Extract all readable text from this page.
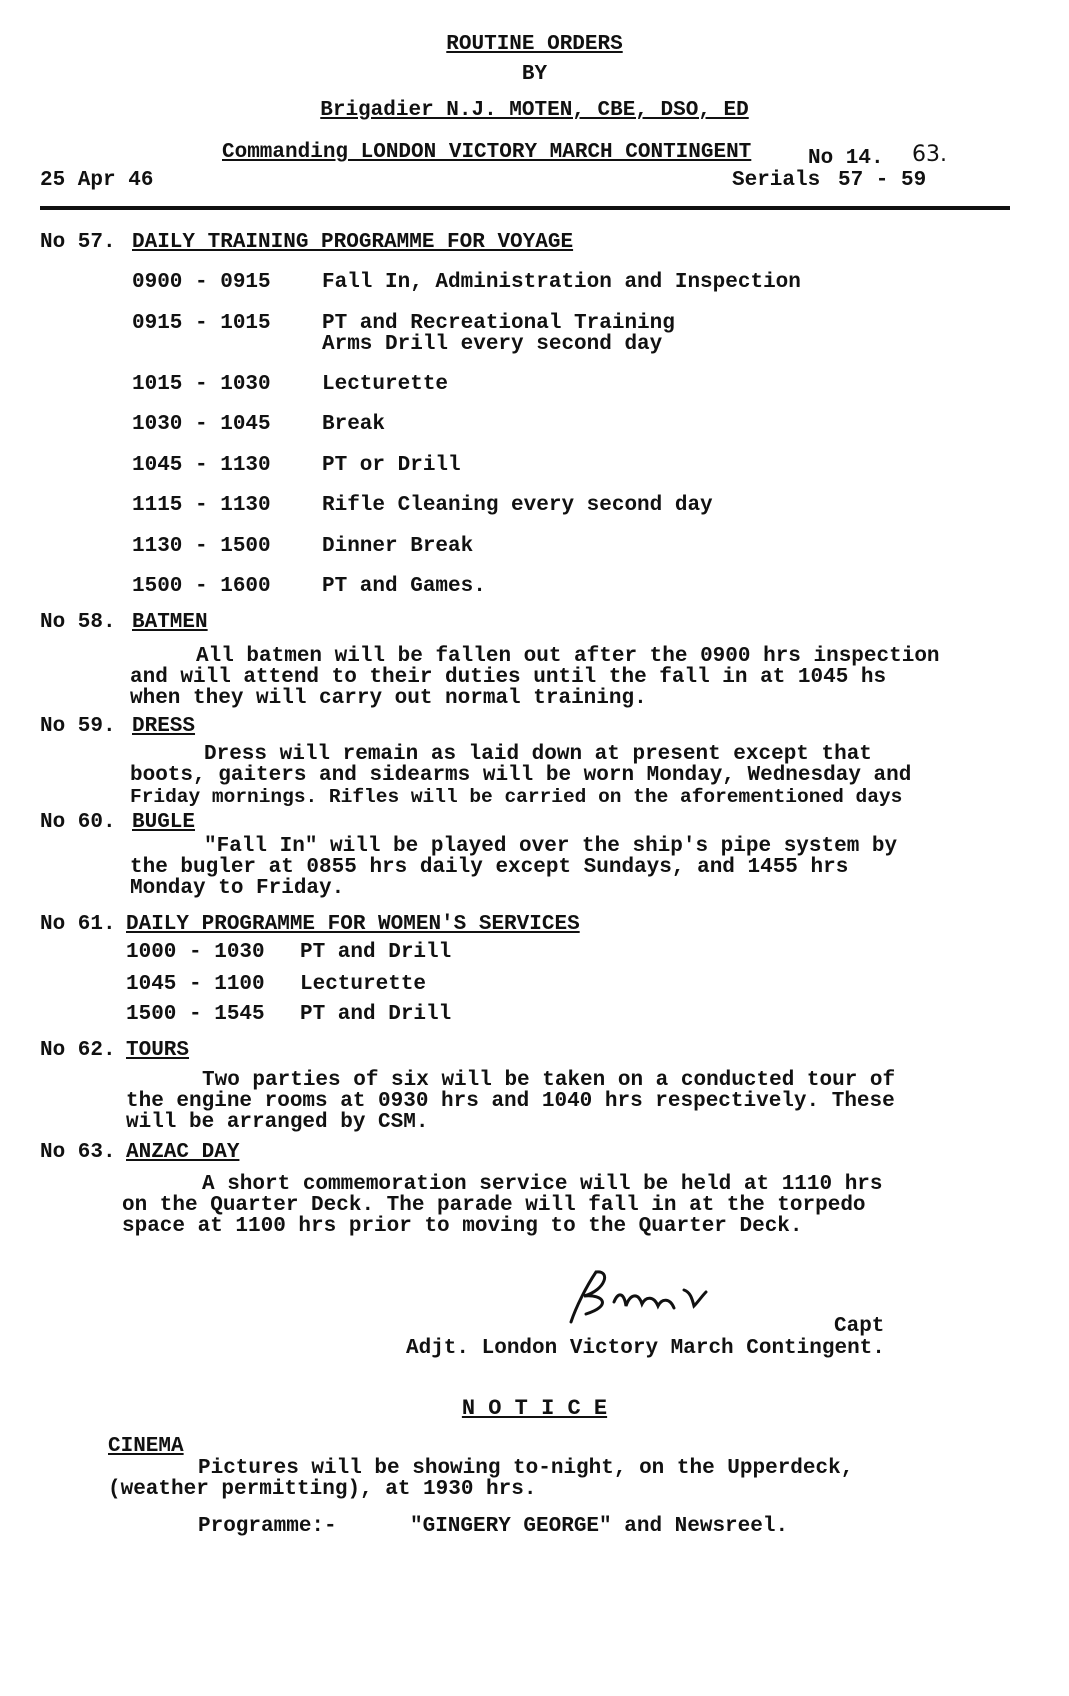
ROUTINE ORDERS
BY
Brigadier N.J. MOTEN, CBE, DSO, ED
Commanding LONDON VICTORY MARCH CONTINGENT	No 14. 63.
25 Apr 46	Serials 57 - 59
No 57. DAILY TRAINING PROGRAMME FOR VOYAGE
0900 - 0915 Fall In, Administration and Inspection
0915 - 1015 PT and Recreational Training
Arms Drill every second day
1015 - 1030 Lecturette
1030 - 1045 Break
1045 - 1130 PT or Drill
1115 - 1130 Rifle Cleaning every second day
1130 - 1500 Dinner Break
1500 - 1600 PT and Games.
No 58. BATMEN
All batmen will be fallen out after the 0900 hrs inspection
and will attend to their duties until the fall in at 1045 hs
when they will carry out normal training.
No 59. DRESS
Dress will remain as laid down at present except that
boots, gaiters and sidearms will be worn Monday, Wednesday and
Friday mornings. Rifles will be carried on the aforementioned days
No 60. BUGLE
"Fall In" will be played over the ship's pipe system by
the bugler at 0855 hrs daily except Sundays, and 1455 hrs
Monday to Friday.
No 61. DAILY PROGRAMME FOR WOMEN'S SERVICES
1000 - 1030 PT and Drill
1045 - 1100 Lecturette
1500 - 1545 PT and Drill
No 62. TOURS
Two parties of six will be taken on a conducted tour of
the engine rooms at 0930 hrs and 1040 hrs respectively. These
will be arranged by CSM.
No 63. ANZAC DAY
A short commemoration service will be held at 1110 hrs
on the Quarter Deck. The parade will fall in at the torpedo
space at 1100 hrs prior to moving to the Quarter Deck.
Capt
Adjt. London Victory March Contingent.
N O T I C E
CINEMA
Pictures will be showing to-night, on the Upperdeck,
(weather permitting), at 1930 hrs.
Programme:-	"GINGERY GEORGE" and Newsreel.
